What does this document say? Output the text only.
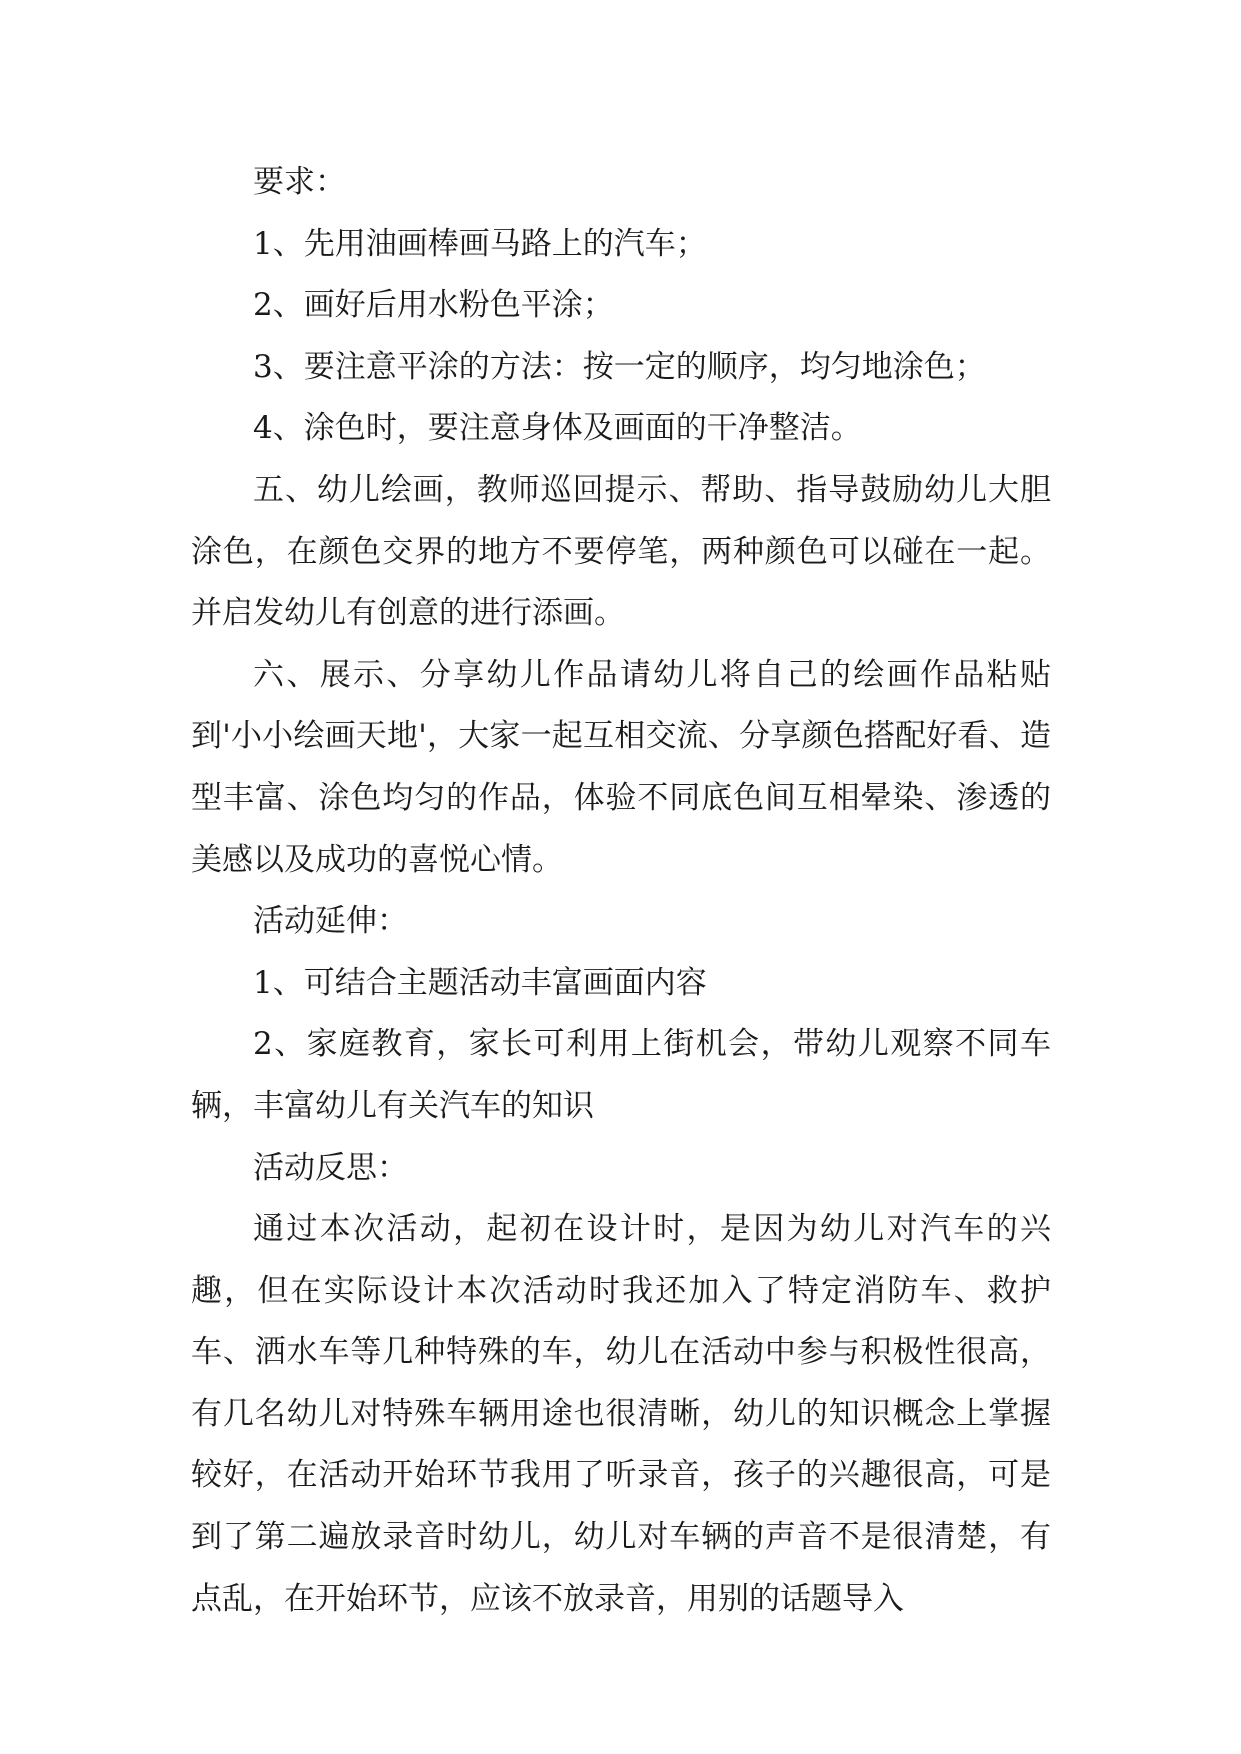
要求：

1、先用油画棒画马路上的汽车；

2、画好后用水粉色平涂；

3、要注意平涂的方法：按一定的顺序，均匀地涂色；

4、涂色时，要注意身体及画面的干净整洁。

五、幼儿绘画，教师巡回提示、帮助、指导鼓励幼儿大胆涂色，在颜色交界的地方不要停笔，两种颜色可以碰在一起。并启发幼儿有创意的进行添画。

六、展示、分享幼儿作品请幼儿将自己的绘画作品粘贴到'小小绘画天地'，大家一起互相交流、分享颜色搭配好看、造型丰富、涂色均匀的作品，体验不同底色间互相晕染、渗透的美感以及成功的喜悦心情。

活动延伸：

1、可结合主题活动丰富画面内容

2、家庭教育，家长可利用上街机会，带幼儿观察不同车辆，丰富幼儿有关汽车的知识

活动反思：

通过本次活动，起初在设计时，是因为幼儿对汽车的兴趣，但在实际设计本次活动时我还加入了特定消防车、救护车、洒水车等几种特殊的车，幼儿在活动中参与积极性很高，有几名幼儿对特殊车辆用途也很清晰，幼儿的知识概念上掌握较好，在活动开始环节我用了听录音，孩子的兴趣很高，可是到了第二遍放录音时幼儿，幼儿对车辆的声音不是很清楚，有点乱，在开始环节，应该不放录音，用别的话题导入
